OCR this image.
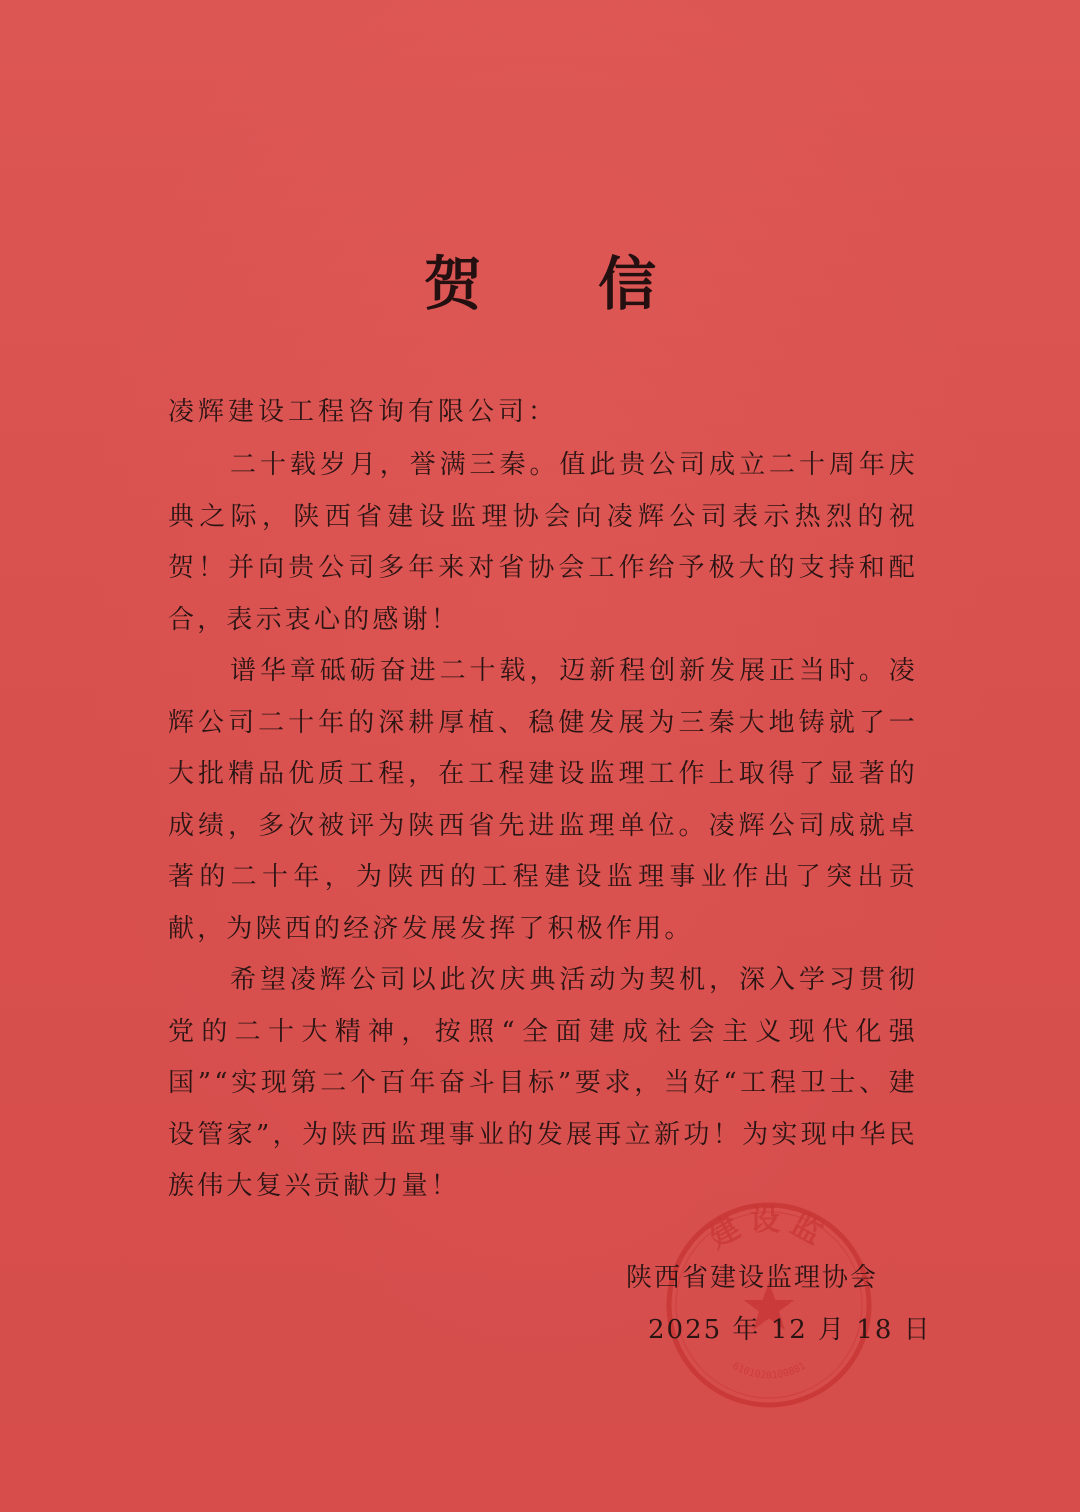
贺 信
凌辉建设工程咨询有限公司：

二十载岁月，誉满三秦。值此贵公司成立二十周年庆典之际，陕西省建设监理协会向凌辉公司表示热烈的祝贺！并向贵公司多年来对省协会工作给予极大的支持和配合，表示衷心的感谢！

谱华章砥砺奋进二十载，迈新程创新发展正当时。凌辉公司二十年的深耕厚植、稳健发展为三秦大地铸就了一大批精品优质工程，在工程建设监理工作上取得了显著的成绩，多次被评为陕西省先进监理单位。凌辉公司成就卓著的二十年，为陕西的工程建设监理事业作出了突出贡献，为陕西的经济发展发挥了积极作用。

希望凌辉公司以此次庆典活动为契机，深入学习贯彻党的二十大精神，按照“全面建成社会主义现代化强国”“实现第二个百年奋斗目标”要求，当好“工程卫士、建设管家”，为陕西监理事业的发展再立新功！为实现中华民族伟大复兴贡献力量！

建设监
6101020100881
陕西省建设监理协会
2025 年 12 月 18 日
